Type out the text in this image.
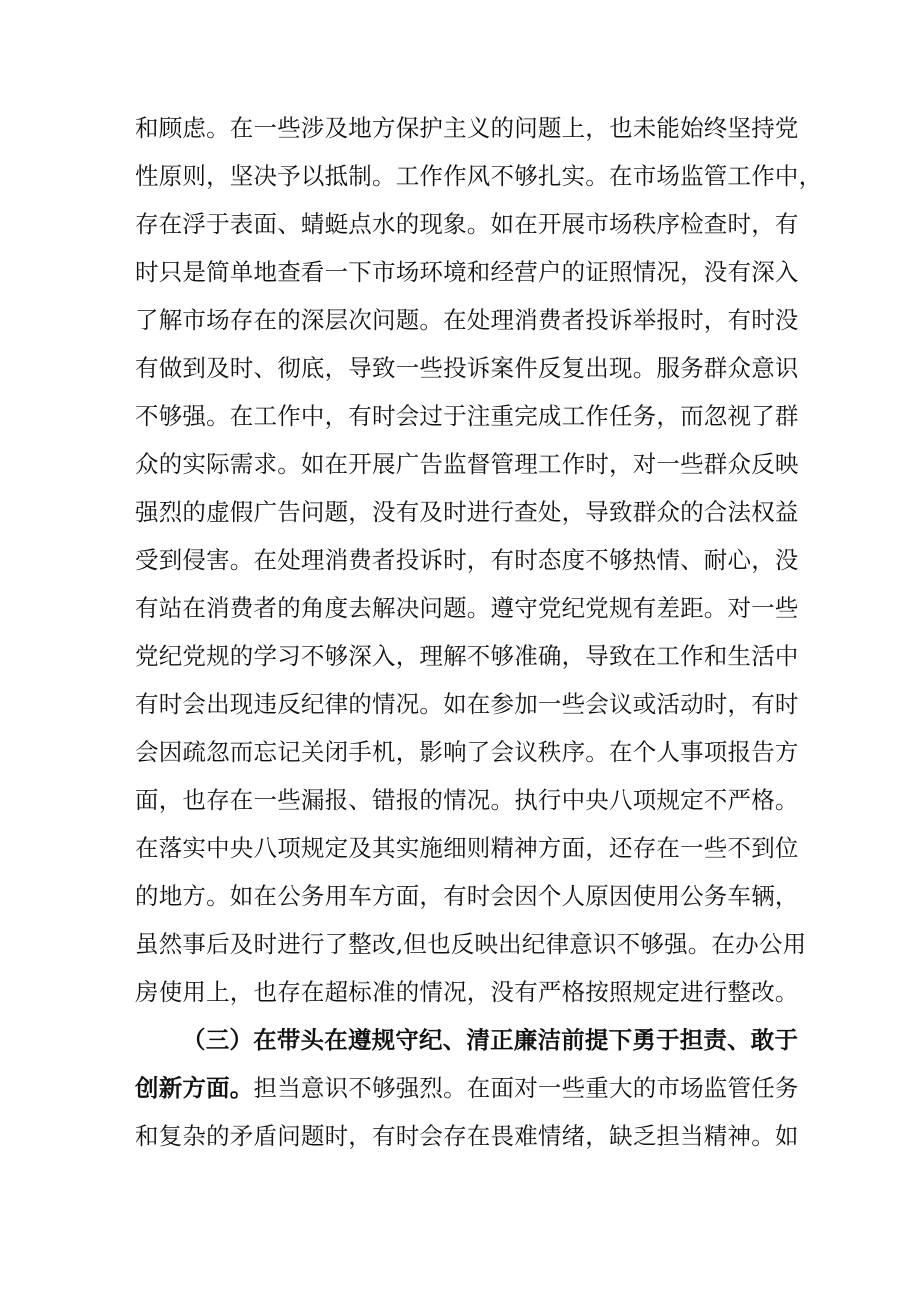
和顾虑。在一些涉及地方保护主义的问题上，也未能始终坚持党
性原则，坚决予以抵制。工作作风不够扎实。在市场监管工作中，
存在浮于表面、蜻蜓点水的现象。如在开展市场秩序检查时，有
时只是简单地查看一下市场环境和经营户的证照情况，没有深入
了解市场存在的深层次问题。在处理消费者投诉举报时，有时没
有做到及时、彻底，导致一些投诉案件反复出现。服务群众意识
不够强。在工作中，有时会过于注重完成工作任务，而忽视了群
众的实际需求。如在开展广告监督管理工作时，对一些群众反映
强烈的虚假广告问题，没有及时进行查处，导致群众的合法权益
受到侵害。在处理消费者投诉时，有时态度不够热情、耐心，没
有站在消费者的角度去解决问题。遵守党纪党规有差距。对一些
党纪党规的学习不够深入，理解不够准确，导致在工作和生活中
有时会出现违反纪律的情况。如在参加一些会议或活动时，有时
会因疏忽而忘记关闭手机，影响了会议秩序。在个人事项报告方
面，也存在一些漏报、错报的情况。执行中央八项规定不严格。
在落实中央八项规定及其实施细则精神方面，还存在一些不到位
的地方。如在公务用车方面，有时会因个人原因使用公务车辆，
虽然事后及时进行了整改,但也反映出纪律意识不够强。在办公用
房使用上，也存在超标准的情况，没有严格按照规定进行整改。
（三）在带头在遵规守纪、清正廉洁前提下勇于担责、敢于
创新方面。担当意识不够强烈。在面对一些重大的市场监管任务
和复杂的矛盾问题时，有时会存在畏难情绪，缺乏担当精神。如
